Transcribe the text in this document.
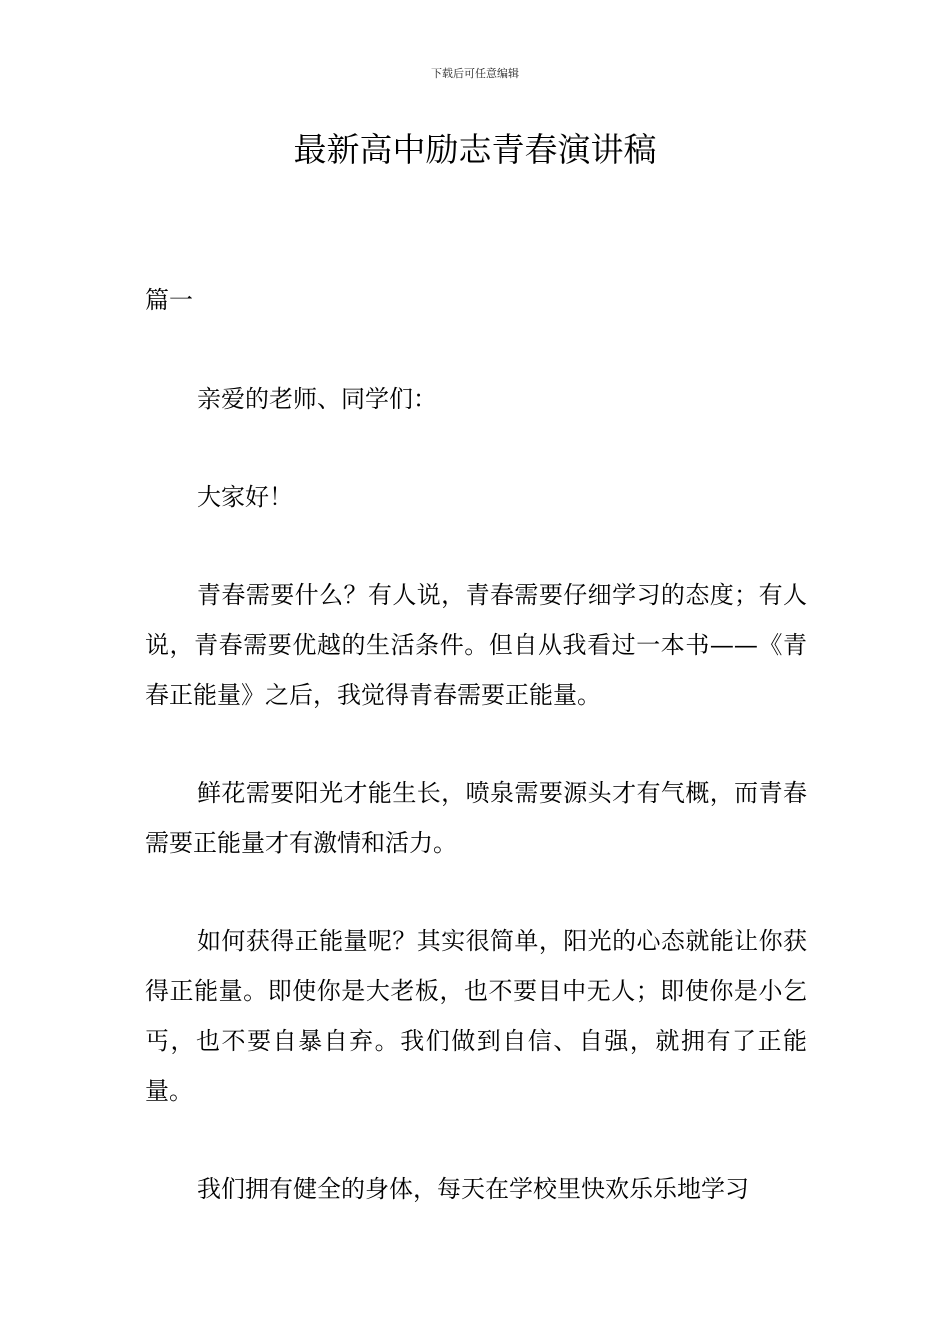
下载后可任意编辑
最新高中励志青春演讲稿
篇一

亲爱的老师、同学们：

大家好！

青春需要什么？有人说，青春需要仔细学习的态度；有人说，青春需要优越的生活条件。但自从我看过一本书——《青春正能量》之后，我觉得青春需要正能量。

鲜花需要阳光才能生长，喷泉需要源头才有气概，而青春需要正能量才有激情和活力。

如何获得正能量呢？其实很简单，阳光的心态就能让你获得正能量。即使你是大老板，也不要目中无人；即使你是小乞丐，也不要自暴自弃。我们做到自信、自强，就拥有了正能量。

我们拥有健全的身体，每天在学校里快欢乐乐地学习
